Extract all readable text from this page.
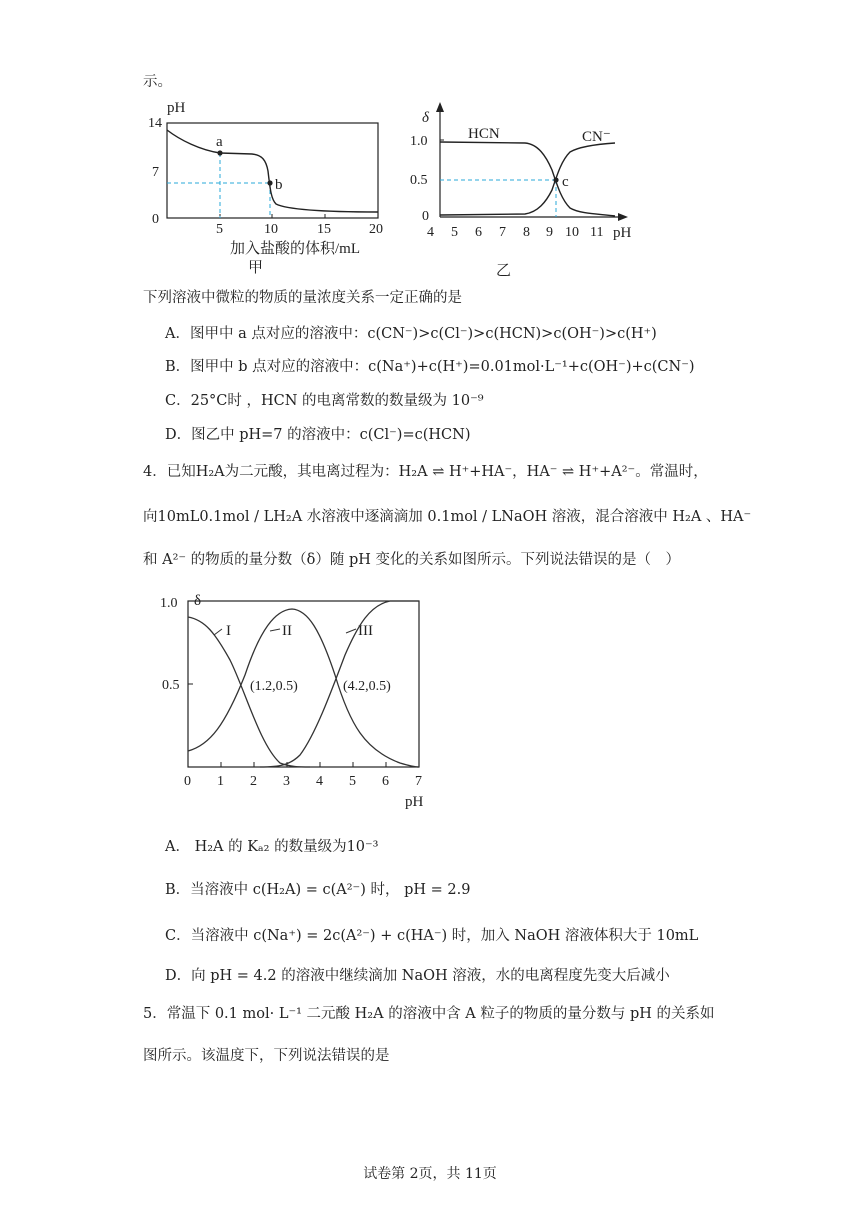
示。
pH
14
7
0
5	10	15	20
a
b
加入盐酸的体积/mL
甲
δ
1.0
0.5
0
4 5 6 7 8 9 10 11 pH
c
HCN	CN⁻
乙
下列溶液中微粒的物质的量浓度关系一定正确的是
A．图甲中 a 点对应的溶液中：c(CN⁻)>c(Cl⁻)>c(HCN)>c(OH⁻)>c(H⁺)
B．图甲中 b 点对应的溶液中：c(Na⁺)+c(H⁺)=0.01mol·L⁻¹+c(OH⁻)+c(CN⁻)
C．25°C时 ，HCN 的电离常数的数量级为 10⁻⁹
D．图乙中 pH=7 的溶液中：c(Cl⁻)=c(HCN)
4．已知H₂A为二元酸，其电离过程为：H₂A ⇌ H⁺+HA⁻，HA⁻ ⇌ H⁺+A²⁻。常温时，
向10mL0.1mol / LH₂A 水溶液中逐滴滴加 0.1mol / LNaOH 溶液，混合溶液中 H₂A 、HA⁻
和 A²⁻ 的物质的量分数（δ）随 pH 变化的关系如图所示。下列说法错误的是（　）
1.0 δ
0.5
0 1 2 3 4 5 6 7
pH
I	II	III
(1.2,0.5)	(4.2,0.5)
A． H₂A 的 Kₐ₂ 的数量级为10⁻³
B．当溶液中 c(H₂A) = c(A²⁻) 时， pH = 2.9
C．当溶液中 c(Na⁺) = 2c(A²⁻) + c(HA⁻) 时，加入 NaOH 溶液体积大于 10mL
D．向 pH = 4.2 的溶液中继续滴加 NaOH 溶液，水的电离程度先变大后减小
5．常温下 0.1 mol· L⁻¹ 二元酸 H₂A 的溶液中含 A 粒子的物质的量分数与 pH 的关系如
图所示。该温度下，下列说法错误的是
试卷第 2页，共 11页
